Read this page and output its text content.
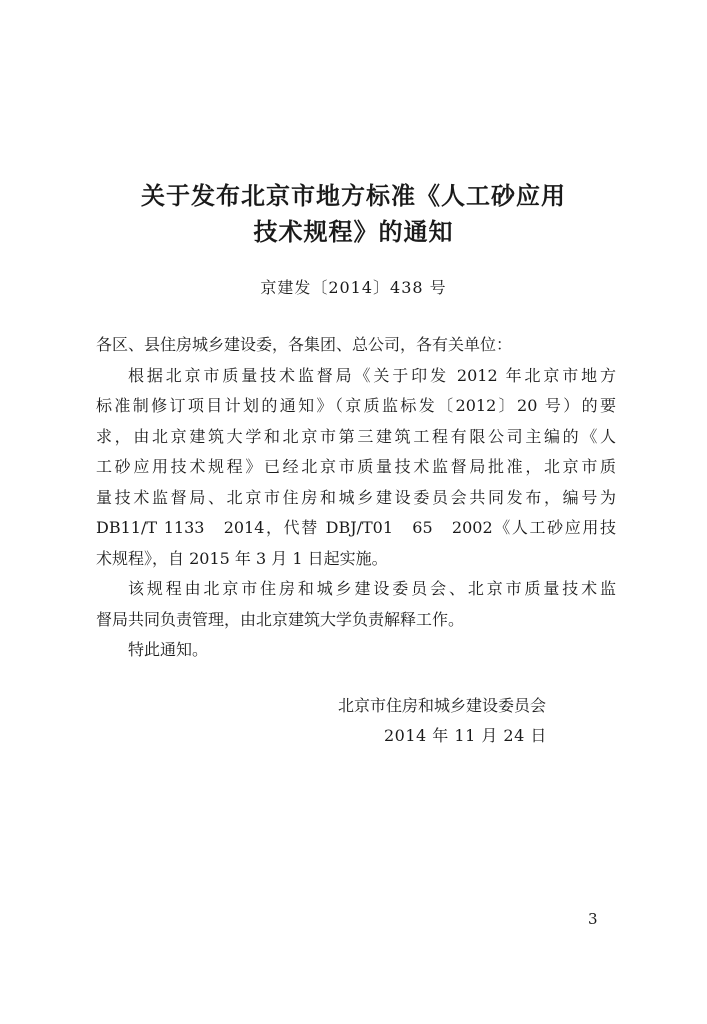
关于发布北京市地方标准《人工砂应用
技术规程》的通知
京建发〔2014〕438 号

各区、县住房城乡建设委，各集团、总公司，各有关单位：

根据北京市质量技术监督局《关于印发 2012 年北京市地方

标准制修订项目计划的通知》（京质监标发〔2012〕20 号）的要

求，由北京建筑大学和北京市第三建筑工程有限公司主编的《人

工砂应用技术规程》已经北京市质量技术监督局批准，北京市质

量技术监督局、北京市住房和城乡建设委员会共同发布，编号为

DB11/T 1133　2014，代替 DBJ/T01　65　2002《人工砂应用技

术规程》，自 2015 年 3 月 1 日起实施。

该规程由北京市住房和城乡建设委员会、北京市质量技术监

督局共同负责管理，由北京建筑大学负责解释工作。

特此通知。

北京市住房和城乡建设委员会
2014 年 11 月 24 日
3
